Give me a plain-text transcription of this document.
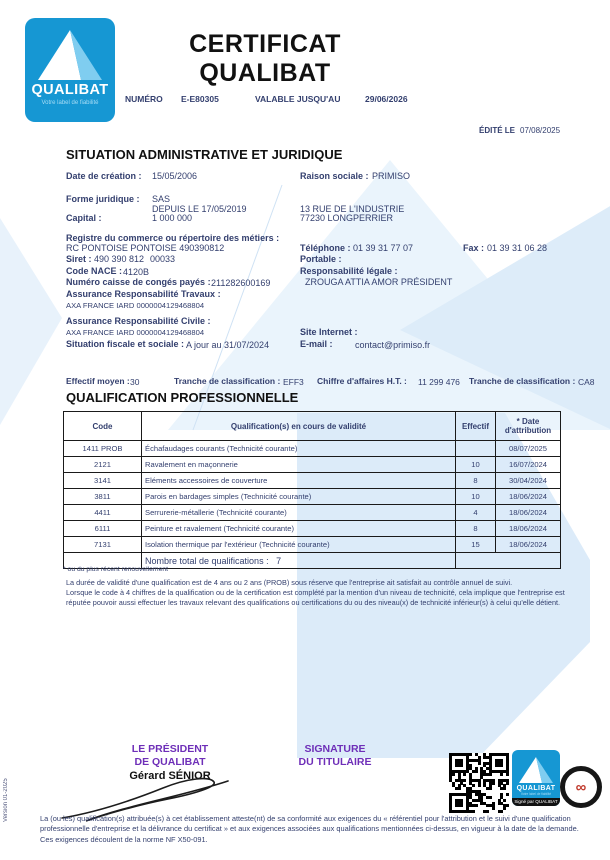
QUALIBAT
Votre label de fiabilité
CERTIFICAT QUALIBAT
NUMÉRO E-E80305	VALABLE JUSQU'AU	29/06/2026
ÉDITÉ LE 07/08/2025
SITUATION ADMINISTRATIVE ET JURIDIQUE
Date de création : 15/05/2006	Raison sociale : PRIMISO
Forme juridique : SAS
DEPUIS LE 17/05/2019
Capital :	1 000 000
13 RUE DE L'INDUSTRIE
77230 LONGPERRIER
Registre du commerce ou répertoire des métiers :
RC PONTOISE PONTOISE 490390812	Téléphone : 01 39 31 77 07	Fax : 01 39 31 06 28
Siret : 490 390 812 00033	Portable :
Code NACE : 4120B	Responsabilité légale :
Numéro caisse de congés payés : 211282600169	ZROUGA ATTIA AMOR PRÉSIDENT
Assurance Responsabilité Travaux :
AXA FRANCE IARD 0000004129468804
Assurance Responsabilité Civile :
AXA FRANCE IARD 0000004129468804	Site Internet :
Situation fiscale et sociale : A jour au 31/07/2024	E-mail : contact@primiso.fr
Effectif moyen : 30	Tranche de classification : EFF3 Chiffre d'affaires H.T. : 11 299 476 Tranche de classification : CA8
QUALIFICATION PROFESSIONNELLE
Code	Qualification(s) en cours de validité	Effectif	* Date
d'attribution

1411 PROB	Échafaudages courants (Technicité courante)		08/07/2025
2121	Ravalement en maçonnerie	10	16/07/2024
3141	Eléments accessoires de couverture	8	30/04/2024
3811	Parois en bardages simples (Technicité courante)	10	18/06/2024
4411	Serrurerie-métallerie (Technicité courante)	4	18/06/2024
6111	Peinture et ravalement (Technicité courante)	8	18/06/2024
7131	Isolation thermique par l'extérieur (Technicité courante)	15	18/06/2024
	Nombre total de qualifications : 7		
* ou du plus récent renouvellement
La durée de validité d'une qualification est de 4 ans ou 2 ans (PROB) sous réserve que l'entreprise ait satisfait au contrôle annuel de suivi.
Lorsque le code à 4 chiffres de la qualification ou de la certification est complété par la mention d'un niveau de technicité, cela implique que l'entreprise est réputée pouvoir aussi effectuer les travaux relevant des qualifications ou certifications du ou des niveau(x) de technicité inférieur(s) à celui qu'elle détient.
LE PRÉSIDENT
DE QUALIBAT
SIGNATURE
DU TITULAIRE
Gérard SÉNIOR
QUALIBAT
Votre label de fiabilité
Signé par QUALIBAT
∞
Version 01-2025	La (ou les) qualification(s) attribuée(s) à cet établissement atteste(nt) de sa conformité aux exigences du « référentiel pour l'attribution et le suivi d'une qualification professionnelle d'entreprise et la délivrance du certificat » et aux exigences associées aux qualifications mentionnées ci-dessus, en vigueur à la date de la demande. Ces exigences découlent de la norme NF X50-091.
